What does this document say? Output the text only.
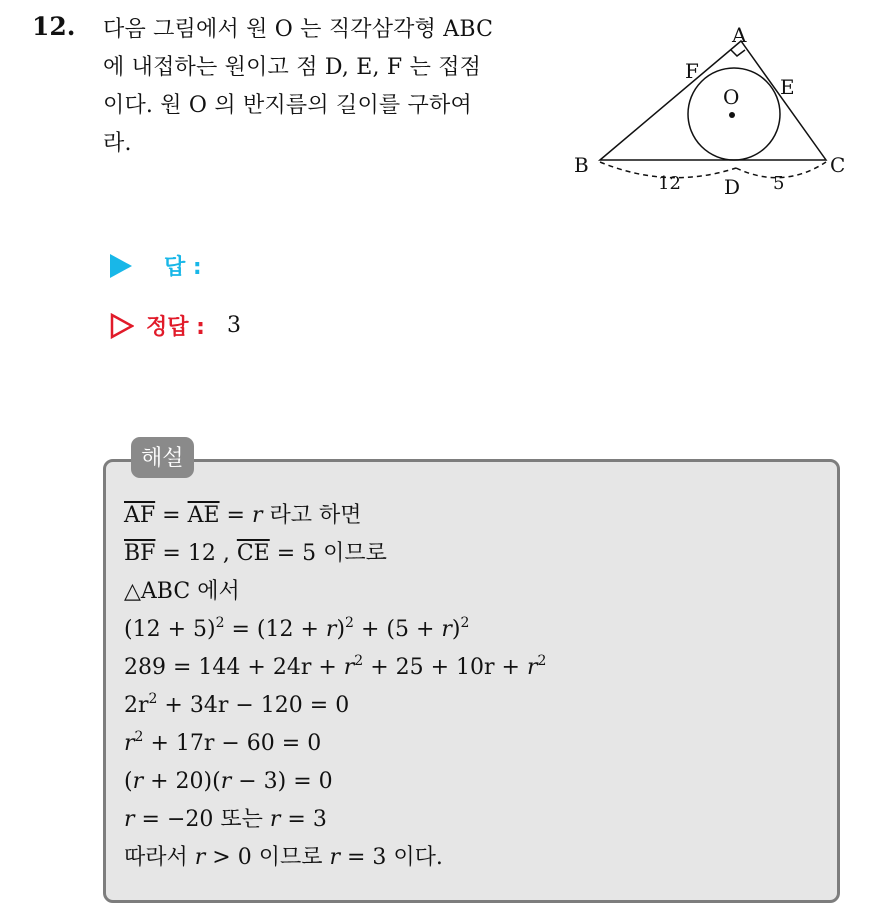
12. 다음 그림에서 원 O 는 직각삼각형 ABC
에 내접하는 원이고 점 D, E, F 는 접점
이다. 원 O 의 반지름의 길이를 구하여
라.
A
B	C
D
E
F
O
12	5
답 :
정답 : 3
해설
$\overline{AF} = \overline{AE} = r$ 라고 하면
$\overline{BF} = 12$ , $\overline{CE} = 5$ 이므로
△ABC 에서
$(12 + 5)^2 = (12 + r)^2 + (5 + r)^2$
$289 = 144 + 24r + r^2 + 25 + 10r + r^2$
$2r^2 + 34r - 120 = 0$
$r^2 + 17r - 60 = 0$
(r + 20)(r − 3) = 0
r = −20 또는 r = 3
따라서 r > 0 이므로 r = 3 이다.
